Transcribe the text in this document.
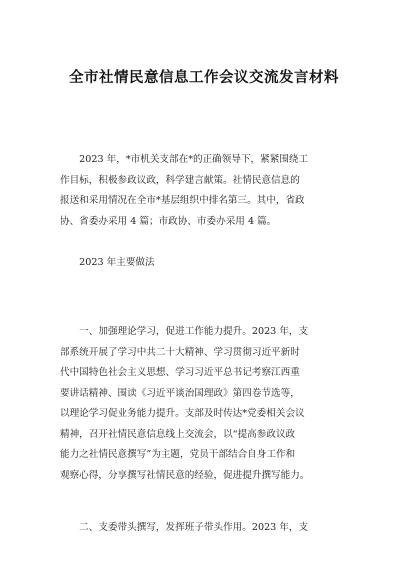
全市社情民意信息工作会议交流发言材料
　　2023 年，*市机关支部在*的正确领导下，紧紧围绕工
作目标，积极参政议政，科学建言献策。社情民意信息的
报送和采用情况在全市*基层组织中排名第三。其中，省政
协、省委办采用 4 篇；市政协、市委办采用 4 篇。
　　2023 年主要做法
　　一、加强理论学习，促进工作能力提升。2023 年，支
部系统开展了学习中共二十大精神、学习贯彻习近平新时
代中国特色社会主义思想、学习习近平总书记考察江西重
要讲话精神、围读《习近平谈治国理政》第四卷节选等，
以理论学习促业务能力提升。支部及时传达*党委相关会议
精神，召开社情民意信息线上交流会，以“提高参政议政
能力之社情民意撰写”为主题，党员干部结合自身工作和
观察心得，分享撰写社情民意的经验，促进提升撰写能力。
　　二、支委带头撰写，发挥班子带头作用。2023 年，支
